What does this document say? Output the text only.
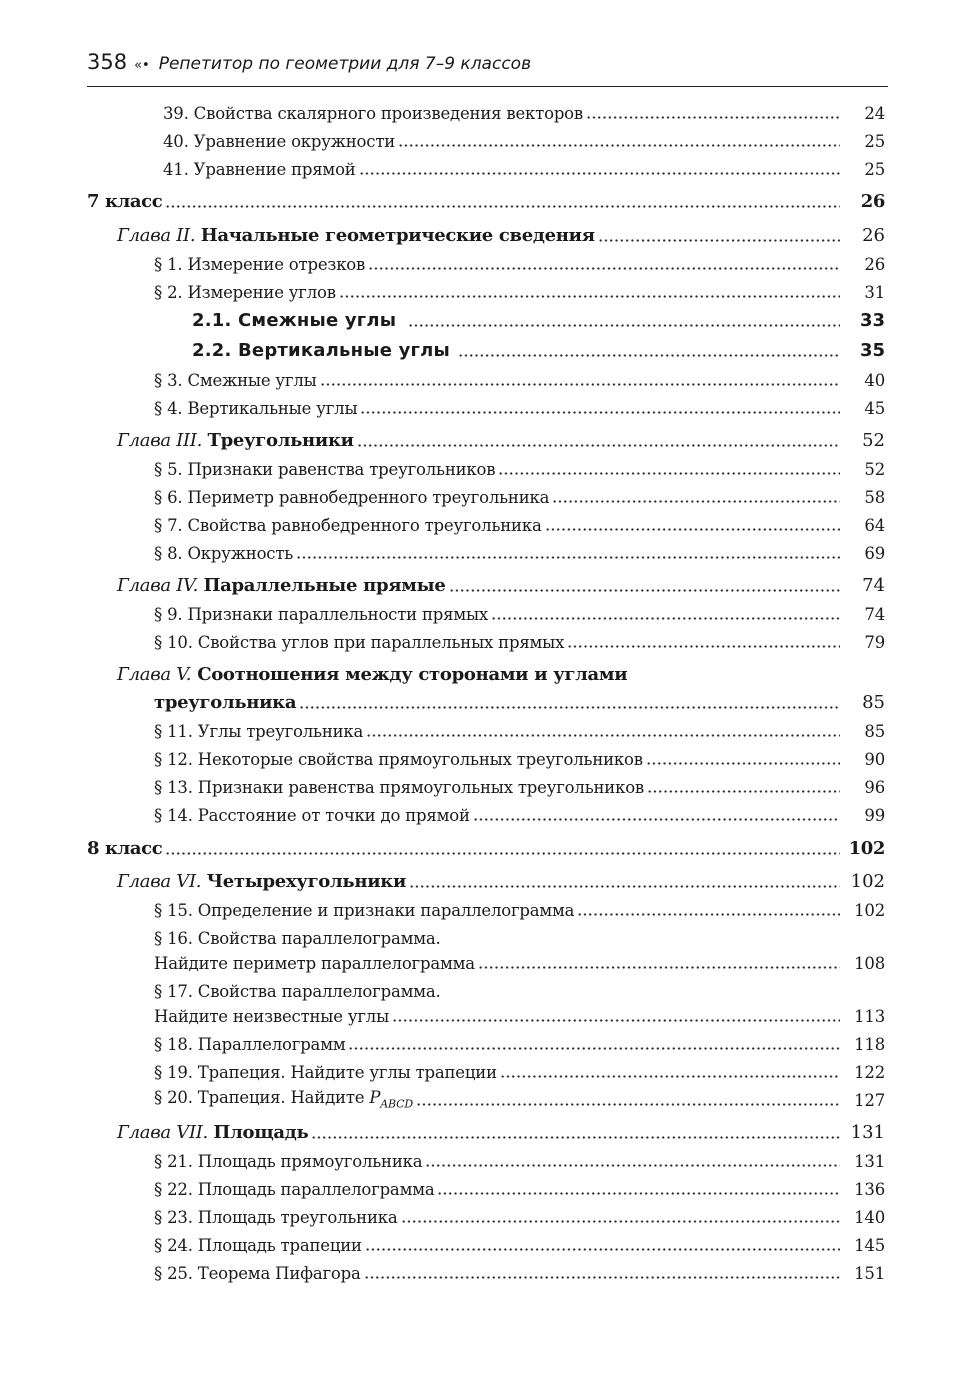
358 «• Репетитор по геометрии для 7–9 классов
39. Свойства скалярного произведения векторов	24
40. Уравнение окружности	25
41. Уравнение прямой	25
7 класс	26
Глава II. Начальные геометрические сведения	26
§ 1. Измерение отрезков	26
§ 2. Измерение углов	31
2.1. Смежные углы	33
2.2. Вертикальные углы	35
§ 3. Смежные углы	40
§ 4. Вертикальные углы	45
Глава III. Треугольники	52
§ 5. Признаки равенства треугольников	52
§ 6. Периметр равнобедренного треугольника	58
§ 7. Свойства равнобедренного треугольника	64
§ 8. Окружность	69
Глава IV. Параллельные прямые	74
§ 9. Признаки параллельности прямых	74
§ 10. Свойства углов при параллельных прямых	79
Глава V. Соотношения между сторонами и углами
треугольника	85
§ 11. Углы треугольника	85
§ 12. Некоторые свойства прямоугольных треугольников	90
§ 13. Признаки равенства прямоугольных треугольников	96
§ 14. Расстояние от точки до прямой	99
8 класс	102
Глава VI. Четырехугольники	102
§ 15. Определение и признаки параллелограмма	102
§ 16. Свойства параллелограмма.
Найдите периметр параллелограмма	108
§ 17. Свойства параллелограмма.
Найдите неизвестные углы	113
§ 18. Параллелограмм	118
§ 19. Трапеция. Найдите углы трапеции	122
§ 20. Трапеция. Найдите $P_{ABCD}$	127
Глава VII. Площадь	131
§ 21. Площадь прямоугольника	131
§ 22. Площадь параллелограмма	136
§ 23. Площадь треугольника	140
§ 24. Площадь трапеции	145
§ 25. Теорема Пифагора	151
